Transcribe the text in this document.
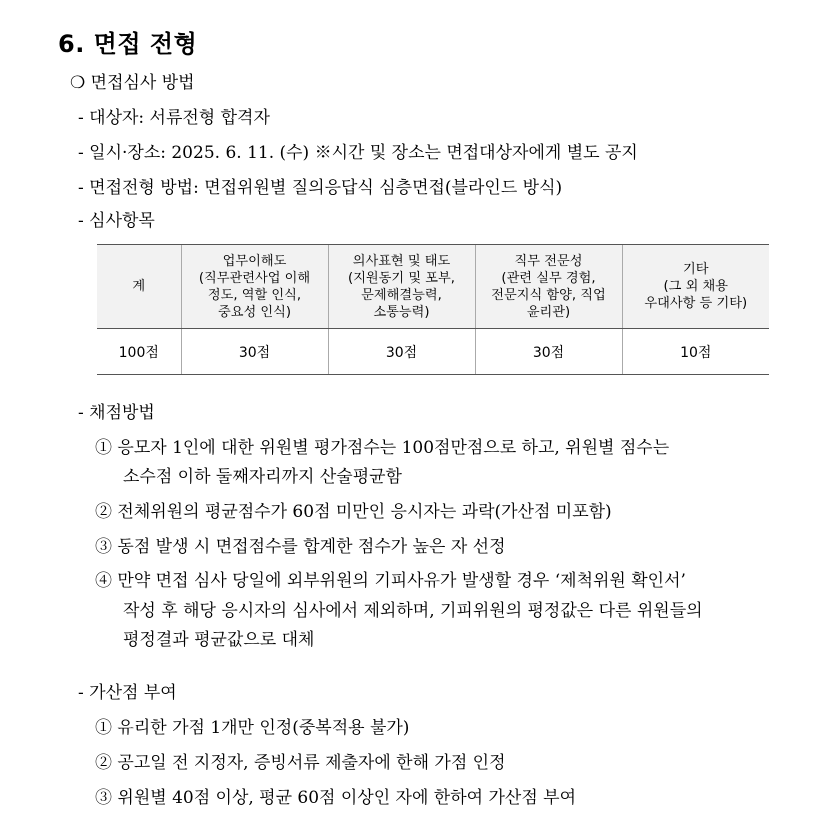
6. 면접 전형
❍ 면접심사 방법
- 대상자: 서류전형 합격자
- 일시·장소: 2025. 6. 11. (수) ※시간 및 장소는 면접대상자에게 별도 공지
- 면접전형 방법: 면접위원별 질의응답식 심층면접(블라인드 방식)
- 심사항목
계	업무이해도
(직무관련사업 이해
정도, 역할 인식,
중요성 인식)	의사표현 및 태도
(지원동기 및 포부,
문제해결능력,
소통능력)	직무 전문성
(관련 실무 경험,
전문지식 함양, 직업
윤리관)	기타
(그 외 채용
우대사항 등 기타)
100점	30점	30점	30점	10점
- 채점방법
① 응모자 1인에 대한 위원별 평가점수는 100점만점으로 하고, 위원별 점수는
소수점 이하 둘째자리까지 산술평균함
② 전체위원의 평균점수가 60점 미만인 응시자는 과락(가산점 미포함)
③ 동점 발생 시 면접점수를 합계한 점수가 높은 자 선정
④ 만약 면접 심사 당일에 외부위원의 기피사유가 발생할 경우 ‘제척위원 확인서’
작성 후 해당 응시자의 심사에서 제외하며, 기피위원의 평정값은 다른 위원들의
평정결과 평균값으로 대체
- 가산점 부여
① 유리한 가점 1개만 인정(중복적용 불가)
② 공고일 전 지정자, 증빙서류 제출자에 한해 가점 인정
③ 위원별 40점 이상, 평균 60점 이상인 자에 한하여 가산점 부여
